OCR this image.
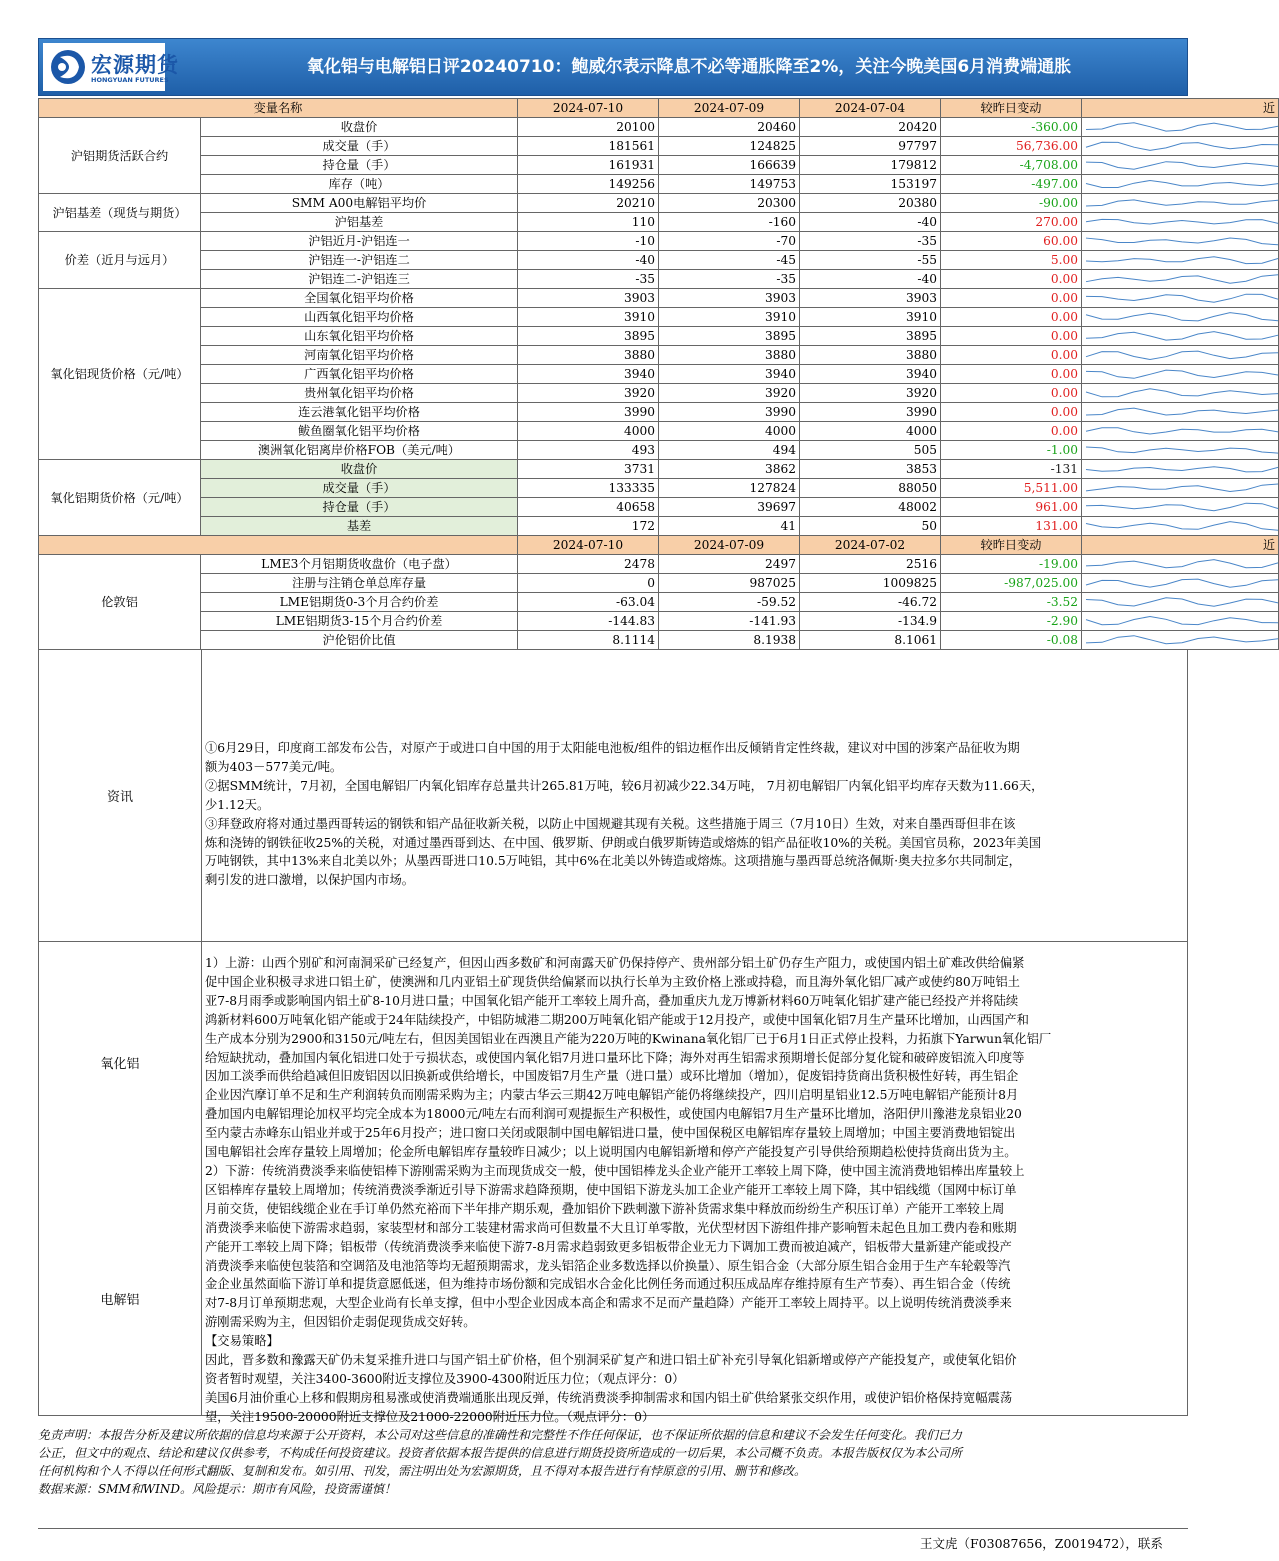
宏源期货
HONGYUAN FUTURES
氧化铝与电解铝日评20240710：鲍威尔表示降息不必等通胀降至2%，关注今晚美国6月消费端通胀
变量名称		2024-07-10	2024-07-09	2024-07-04	较昨日变动	近
沪铝期货活跃合约	收盘价	20100	20460	20420	-360.00	

	成交量（手）	181561	124825	97797	56,736.00	

	持仓量（手）	161931	166639	179812	-4,708.00	

	库存（吨）	149256	149753	153197	-497.00	

沪铝基差（现货与期货）	SMM A00电解铝平均价	20210	20300	20380	-90.00	

	沪铝基差	110	-160	-40	270.00	

价差（近月与远月）	沪铝近月-沪铝连一	-10	-70	-35	60.00	

	沪铝连一-沪铝连二	-40	-45	-55	5.00	

	沪铝连二-沪铝连三	-35	-35	-40	0.00	

氧化铝现货价格（元/吨）	全国氧化铝平均价格	3903	3903	3903	0.00	

	山西氧化铝平均价格	3910	3910	3910	0.00	

	山东氧化铝平均价格	3895	3895	3895	0.00	

	河南氧化铝平均价格	3880	3880	3880	0.00	

	广西氧化铝平均价格	3940	3940	3940	0.00	

	贵州氧化铝平均价格	3920	3920	3920	0.00	

	连云港氧化铝平均价格	3990	3990	3990	0.00	

	鲅鱼圈氧化铝平均价格	4000	4000	4000	0.00	

	澳洲氧化铝离岸价格FOB（美元/吨）	493	494	505	-1.00	

氧化铝期货价格（元/吨）	收盘价	3731	3862	3853	-131	

	成交量（手）	133335	127824	88050	5,511.00	

	持仓量（手）	40658	39697	48002	961.00	

	基差	172	41	50	131.00	

		2024-07-10	2024-07-09	2024-07-02	较昨日变动	近
伦敦铝	LME3个月铝期货收盘价（电子盘）	2478	2497	2516	-19.00	

	注册与注销仓单总库存量	0	987025	1009825	-987,025.00	

	LME铝期货0-3个月合约价差	-63.04	-59.52	-46.72	-3.52	

	LME铝期货3-15个月合约价差	-144.83	-141.93	-134.9	-2.90	

	沪伦铝价比值	8.1114	8.1938	8.1061	-0.08	
资讯
①6月29日，印度商工部发布公告，对原产于或进口自中国的用于太阳能电池板/组件的铝边框作出反倾销肯定性终裁，建议对中国的涉案产品征收为期
额为403－577美元/吨。
②据SMM统计，7月初，全国电解铝厂内氧化铝库存总量共计265.81万吨，较6月初减少22.34万吨， 7月初电解铝厂内氧化铝平均库存天数为11.66天，
少1.12天。
③拜登政府将对通过墨西哥转运的钢铁和铝产品征收新关税，以防止中国规避其现有关税。这些措施于周三（7月10日）生效，对来自墨西哥但非在该
炼和浇铸的钢铁征收25%的关税，对通过墨西哥到达、在中国、俄罗斯、伊朗或白俄罗斯铸造或熔炼的铝产品征收10%的关税。美国官员称，2023年美国
万吨钢铁，其中13%来自北美以外；从墨西哥进口10.5万吨铝，其中6%在北美以外铸造或熔炼。这项措施与墨西哥总统洛佩斯·奥夫拉多尔共同制定，
剩引发的进口激增，以保护国内市场。
氧化铝
电解铝
1）上游：山西个别矿和河南洞采矿已经复产，但因山西多数矿和河南露天矿仍保持停产、贵州部分铝土矿仍存生产阻力，或使国内铝土矿难改供给偏紧
促中国企业积极寻求进口铝土矿，使澳洲和几内亚铝土矿现货供给偏紧而以执行长单为主致价格上涨或持稳，而且海外氧化铝厂减产或使约80万吨铝土
亚7-8月雨季或影响国内铝土矿8-10月进口量；中国氧化铝产能开工率较上周升高，叠加重庆九龙万博新材料60万吨氧化铝扩建产能已经投产并将陆续
鸿新材料600万吨氧化铝产能或于24年陆续投产，中铝防城港二期200万吨氧化铝产能或于12月投产，或使中国氧化铝7月生产量环比增加，山西国产和
生产成本分别为2900和3150元/吨左右，但因美国铝业在西澳且产能为220万吨的Kwinana氧化铝厂已于6月1日正式停止投料，力拓旗下Yarwun氧化铝厂
给短缺扰动，叠加国内氧化铝进口处于亏损状态，或使国内氧化铝7月进口量环比下降；海外对再生铝需求预期增长促部分复化锭和破碎废铝流入印度等
因加工淡季而供给趋减但旧废铝因以旧换新或供给增长，中国废铝7月生产量（进口量）或环比增加（增加），促废铝持货商出货积极性好转，再生铝企
企业因汽摩订单不足和生产利润转负而刚需采购为主；内蒙古华云三期42万吨电解铝产能仍将继续投产，四川启明星铝业12.5万吨电解铝产能预计8月
叠加国内电解铝理论加权平均完全成本为18000元/吨左右而利润可观提振生产积极性，或使国内电解铝7月生产量环比增加，洛阳伊川豫港龙泉铝业20
至内蒙古赤峰东山铝业并或于25年6月投产；进口窗口关闭或限制中国电解铝进口量，使中国保税区电解铝库存量较上周增加；中国主要消费地铝锭出
国电解铝社会库存量较上周增加；伦金所电解铝库存量较昨日减少；以上说明国内电解铝新增和停产产能投复产引导供给预期趋松使持货商出货为主。
2）下游：传统消费淡季来临使铝棒下游刚需采购为主而现货成交一般，使中国铝棒龙头企业产能开工率较上周下降，使中国主流消费地铝棒出库量较上
区铝棒库存量较上周增加；传统消费淡季渐近引导下游需求趋降预期，使中国铝下游龙头加工企业产能开工率较上周下降，其中铝线缆（国网中标订单
月前交货，使铝线缆企业在手订单仍然充裕而下半年排产期乐观，叠加铝价下跌刺激下游补货需求集中释放而纷纷生产积压订单）产能开工率较上周
消费淡季来临使下游需求趋弱，家装型材和部分工装建材需求尚可但数量不大且订单零散，光伏型材因下游组件排产影响暂未起色且加工费内卷和账期
产能开工率较上周下降；铝板带（传统消费淡季来临使下游7-8月需求趋弱致更多铝板带企业无力下调加工费而被迫减产，铝板带大量新建产能或投产
消费淡季来临使包装箔和空调箔及电池箔等均无超预期需求，龙头铝箔企业多数选择以价换量）、原生铝合金（大部分原生铝合金用于生产车轮毂等汽
金企业虽然面临下游订单和提货意愿低迷，但为维持市场份额和完成铝水合金化比例任务而通过积压成品库存维持原有生产节奏）、再生铝合金（传统
对7-8月订单预期悲观，大型企业尚有长单支撑，但中小型企业因成本高企和需求不足而产量趋降）产能开工率较上周持平。以上说明传统消费淡季来
游刚需采购为主，但因铝价走弱促现货成交好转。
【交易策略】
因此，晋多数和豫露天矿仍未复采推升进口与国产铝土矿价格，但个别洞采矿复产和进口铝土矿补充引导氧化铝新增或停产产能投复产，或使氧化铝价
资者暂时观望，关注3400-3600附近支撑位及3900-4300附近压力位；（观点评分：0）
美国6月油价重心上移和假期房租易涨或使消费端通胀出现反弹，传统消费淡季抑制需求和国内铝土矿供给紧张交织作用，或使沪铝价格保持宽幅震荡
望，关注19500-20000附近支撑位及21000-22000附近压力位。（观点评分：0）
免责声明：本报告分析及建议所依据的信息均来源于公开资料，本公司对这些信息的准确性和完整性不作任何保证，也不保证所依据的信息和建议不会发生任何变化。我们已力
公正，但文中的观点、结论和建议仅供参考，不构成任何投资建议。投资者依据本报告提供的信息进行期货投资所造成的一切后果，本公司概不负责。本报告版权仅为本公司所
任何机构和个人不得以任何形式翻版、复制和发布。如引用、刊发，需注明出处为宏源期货，且不得对本报告进行有悖原意的引用、删节和修改。
数据来源：SMM和WIND。风险提示：期市有风险，投资需谨慎！
王文虎（F03087656，Z0019472），联系
